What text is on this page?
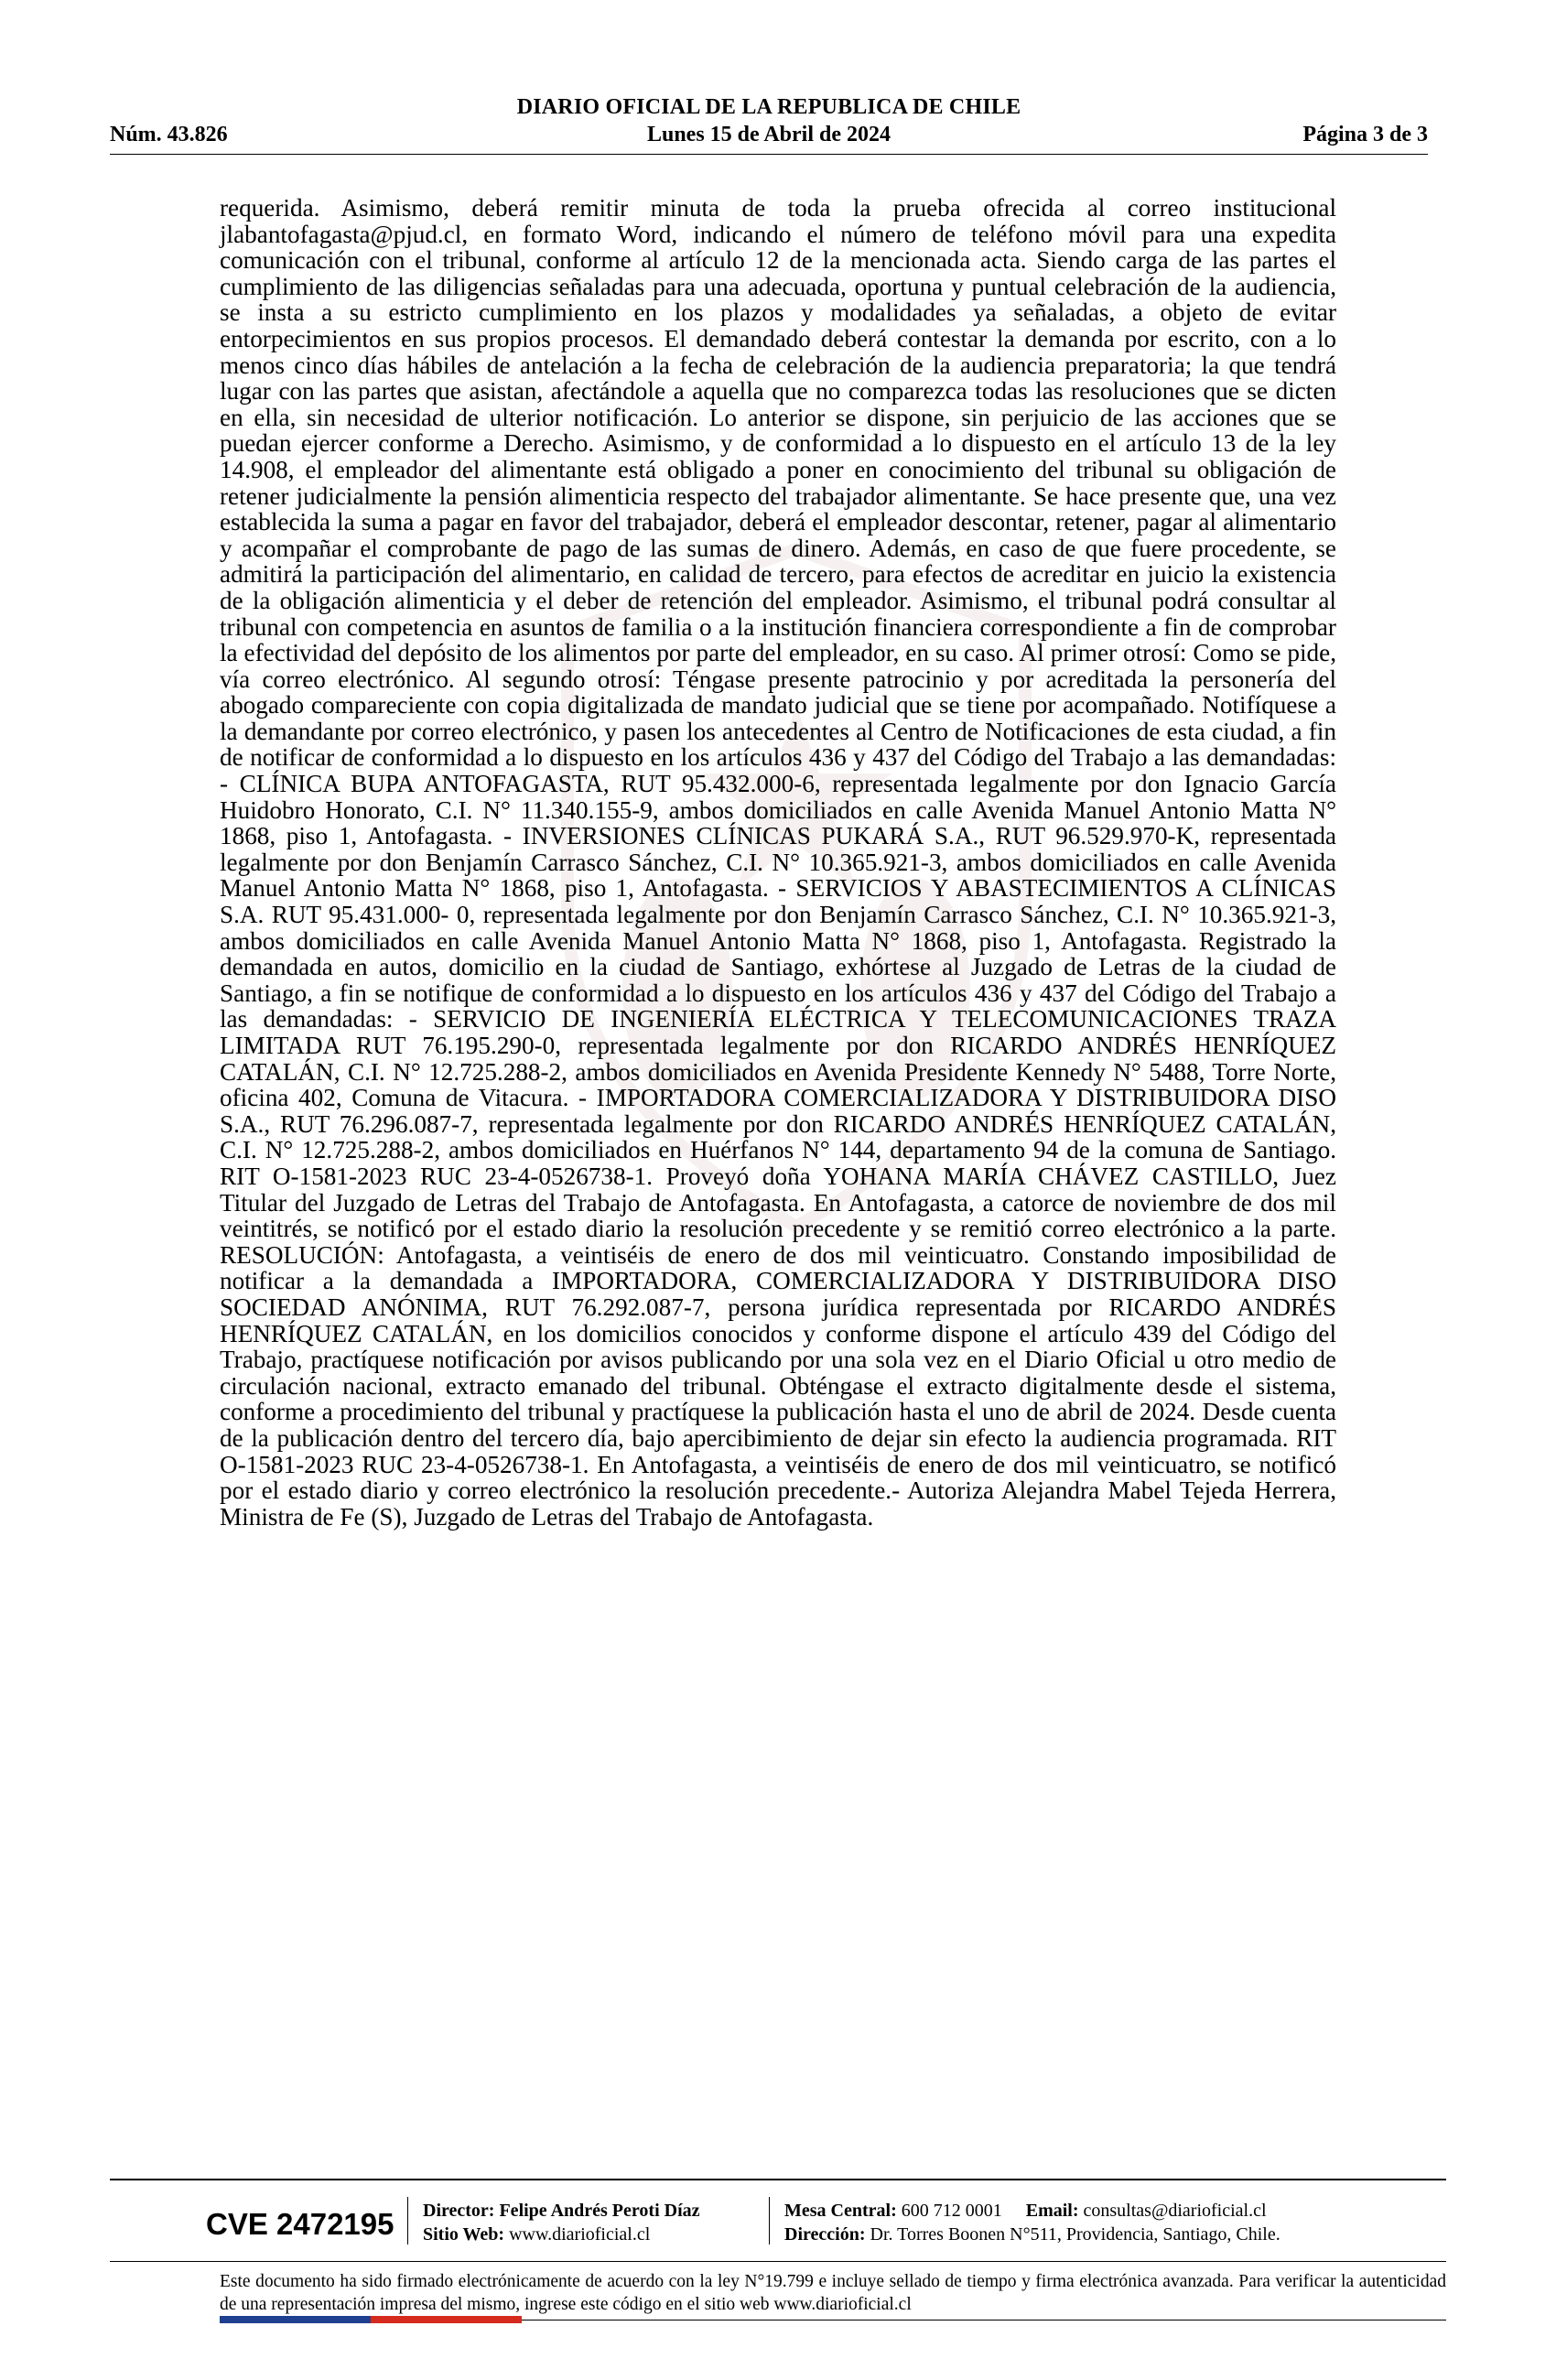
DIARIO OFICIAL DE LA REPUBLICA DE CHILE
Núm. 43.826	Lunes 15 de Abril de 2024	Página 3 de 3
requerida. Asimismo, deberá remitir minuta de toda la prueba ofrecida al correo institucional jlabantofagasta@pjud.cl, en formato Word, indicando el número de teléfono móvil para una expedita comunicación con el tribunal, conforme al artículo 12 de la mencionada acta. Siendo carga de las partes el cumplimiento de las diligencias señaladas para una adecuada, oportuna y puntual celebración de la audiencia, se insta a su estricto cumplimiento en los plazos y modalidades ya señaladas, a objeto de evitar entorpecimientos en sus propios procesos. El demandado deberá contestar la demanda por escrito, con a lo menos cinco días hábiles de antelación a la fecha de celebración de la audiencia preparatoria; la que tendrá lugar con las partes que asistan, afectándole a aquella que no comparezca todas las resoluciones que se dicten en ella, sin necesidad de ulterior notificación. Lo anterior se dispone, sin perjuicio de las acciones que se puedan ejercer conforme a Derecho. Asimismo, y de conformidad a lo dispuesto en el artículo 13 de la ley 14.908, el empleador del alimentante está obligado a poner en conocimiento del tribunal su obligación de retener judicialmente la pensión alimenticia respecto del trabajador alimentante. Se hace presente que, una vez establecida la suma a pagar en favor del trabajador, deberá el empleador descontar, retener, pagar al alimentario y acompañar el comprobante de pago de las sumas de dinero. Además, en caso de que fuere procedente, se admitirá la participación del alimentario, en calidad de tercero, para efectos de acreditar en juicio la existencia de la obligación alimenticia y el deber de retención del empleador. Asimismo, el tribunal podrá consultar al tribunal con competencia en asuntos de familia o a la institución financiera correspondiente a fin de comprobar la efectividad del depósito de los alimentos por parte del empleador, en su caso. Al primer otrosí: Como se pide, vía correo electrónico. Al segundo otrosí: Téngase presente patrocinio y por acreditada la personería del abogado compareciente con copia digitalizada de mandato judicial que se tiene por acompañado. Notifíquese a la demandante por correo electrónico, y pasen los antecedentes al Centro de Notificaciones de esta ciudad, a fin de notificar de conformidad a lo dispuesto en los artículos 436 y 437 del Código del Trabajo a las demandadas: - CLÍNICA BUPA ANTOFAGASTA, RUT 95.432.000-6, representada legalmente por don Ignacio García Huidobro Honorato, C.I. N° 11.340.155-9, ambos domiciliados en calle Avenida Manuel Antonio Matta N° 1868, piso 1, Antofagasta. - INVERSIONES CLÍNICAS PUKARÁ S.A., RUT 96.529.970-K, representada legalmente por don Benjamín Carrasco Sánchez, C.I. N° 10.365.921-3, ambos domiciliados en calle Avenida Manuel Antonio Matta N° 1868, piso 1, Antofagasta. - SERVICIOS Y ABASTECIMIENTOS A CLÍNICAS S.A. RUT 95.431.000- 0, representada legalmente por don Benjamín Carrasco Sánchez, C.I. N° 10.365.921-3, ambos domiciliados en calle Avenida Manuel Antonio Matta N° 1868, piso 1, Antofagasta. Registrado la demandada en autos, domicilio en la ciudad de Santiago, exhórtese al Juzgado de Letras de la ciudad de Santiago, a fin se notifique de conformidad a lo dispuesto en los artículos 436 y 437 del Código del Trabajo a las demandadas: - SERVICIO DE INGENIERÍA ELÉCTRICA Y TELECOMUNICACIONES TRAZA LIMITADA RUT 76.195.290-0, representada legalmente por don RICARDO ANDRÉS HENRÍQUEZ CATALÁN, C.I. N° 12.725.288-2, ambos domiciliados en Avenida Presidente Kennedy N° 5488, Torre Norte, oficina 402, Comuna de Vitacura. - IMPORTADORA COMERCIALIZADORA Y DISTRIBUIDORA DISO S.A., RUT 76.296.087-7, representada legalmente por don RICARDO ANDRÉS HENRÍQUEZ CATALÁN, C.I. N° 12.725.288-2, ambos domiciliados en Huérfanos N° 144, departamento 94 de la comuna de Santiago. RIT O-1581-2023 RUC 23-4-0526738-1. Proveyó doña YOHANA MARÍA CHÁVEZ CASTILLO, Juez Titular del Juzgado de Letras del Trabajo de Antofagasta. En Antofagasta, a catorce de noviembre de dos mil veintitrés, se notificó por el estado diario la resolución precedente y se remitió correo electrónico a la parte. RESOLUCIÓN: Antofagasta, a veintiséis de enero de dos mil veinticuatro. Constando imposibilidad de notificar a la demandada a IMPORTADORA, COMERCIALIZADORA Y DISTRIBUIDORA DISO SOCIEDAD ANÓNIMA, RUT 76.292.087-7, persona jurídica representada por RICARDO ANDRÉS HENRÍQUEZ CATALÁN, en los domicilios conocidos y conforme dispone el artículo 439 del Código del Trabajo, practíquese notificación por avisos publicando por una sola vez en el Diario Oficial u otro medio de circulación nacional, extracto emanado del tribunal. Obténgase el extracto digitalmente desde el sistema, conforme a procedimiento del tribunal y practíquese la publicación hasta el uno de abril de 2024. Desde cuenta de la publicación dentro del tercero día, bajo apercibimiento de dejar sin efecto la audiencia programada. RIT O-1581-2023 RUC 23-4-0526738-1. En Antofagasta, a veintiséis de enero de dos mil veinticuatro, se notificó por el estado diario y correo electrónico la resolución precedente.- Autoriza Alejandra Mabel Tejeda Herrera, Ministra de Fe (S), Juzgado de Letras del Trabajo de Antofagasta.
CVE 2472195	Director: Felipe Andrés Peroti Díaz
Sitio Web: www.diarioficial.cl
Mesa Central: 600 712 0001 Email: consultas@diarioficial.cl
Dirección: Dr. Torres Boonen N°511, Providencia, Santiago, Chile.
Este documento ha sido firmado electrónicamente de acuerdo con la ley N°19.799 e incluye sellado de tiempo y firma electrónica avanzada. Para verificar la autenticidad de una representación impresa del mismo, ingrese este código en el sitio web www.diarioficial.cl
